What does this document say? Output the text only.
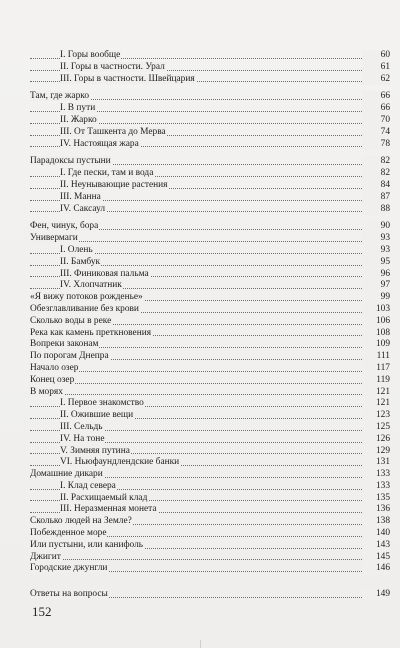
I. Горы вообще	60
II. Горы в частности. Урал	61
III. Горы в частности. Швейцария	62
Там, где жарко	66
I. В пути	66
II. Жарко	70
III. От Ташкента до Мерва	74
IV. Настоящая жара	78
Парадоксы пустыни	82
I. Где пески, там и вода	82
II. Неунывающие растения	84
III. Манна	87
IV. Саксаул	88
Фен, чинук, бора	90
Универмаги	93
I. Олень	93
II. Бамбук	95
III. Финиковая пальма	96
IV. Хлопчатник	97
«Я вижу потоков рожденье»	99
Обезглавливание без крови	103
Сколько воды в реке	106
Река как камень преткновения	108
Вопреки законам	109
По порогам Днепра	111
Начало озер	117
Конец озер	119
В морях	121
I. Первое знакомство	121
II. Ожившие вещи	123
III. Сельдь	125
IV. На тоне	126
V. Зимняя путина	129
VI. Ньюфаундлендские банки	131
Домашние дикари	133
I. Клад севера	133
II. Расхищаемый клад	135
III. Неразменная монета	136
Сколько людей на Земле?	138
Побежденное море	140
Или пустыни, или канифоль	143
Джигит	145
Городские джунгли	146
Ответы на вопросы	149
152
